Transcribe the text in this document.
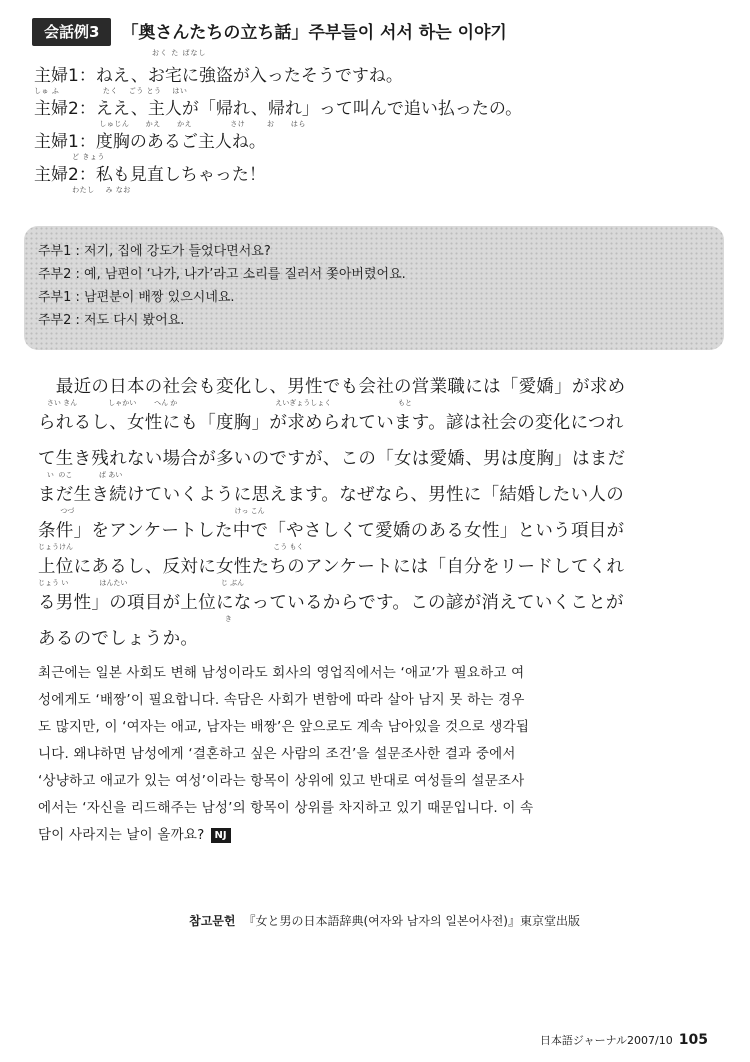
会話例3	「奥さんたちの立ち話」주부들이 서서 하는 이야기
おく た ばなし
主婦1：ねえ、お宅に強盗が入ったそうですね。
しゅ ふ                たく    ごう とう    はい
主婦2：ええ、主人が「帰れ、帰れ」って叫んで追い払ったの。
しゅじん      かえ      かえ              さけ        お      はら
主婦1：度胸のあるご主人ね。
ど きょう
主婦2：私も見直しちゃった！
わたし    み なお
주부1 : 저기, 집에 강도가 들었다면서요?
주부2 : 예, 남편이 ‘나가, 나가’라고 소리를 질러서 쫓아버렸어요.
주부1 : 남편분이 배짱 있으시네요.
주부2 : 저도 다시 봤어요.
　最近の日本の社会も変化し、男性でも会社の営業職には「愛嬌」が求め
さい きん              しゃかい        へん か                                            えいぎょうしょく                              もと
られるし、女性にも「度胸」が求められています。諺は社会の変化につれ
て生き残れない場合が多いのですが、この「女は愛嬌、男は度胸」はまだ
い  のこ            ば あい
まだ生き続けていくように思えます。なぜなら、男性に「結婚したい人の
つづ                                                                        けっ こん
条件」をアンケートした中で「やさしくて愛嬌のある女性」という項目が
じょうけん                                                                                          こう もく
上位にあるし、反対に女性たちのアンケートには「自分をリードしてくれ
じょう い              はんたい                                          じ ぶん
る男性」の項目が上位になっているからです。この諺が消えていくことが
き
あるのでしょうか。
최근에는 일본 사회도 변해 남성이라도 회사의 영업직에서는 ‘애교’가 필요하고 여
성에게도 ‘배짱’이 필요합니다. 속담은 사회가 변함에 따라 살아 남지 못 하는 경우
도 많지만, 이 ‘여자는 애교, 남자는 배짱’은 앞으로도 계속 남아있을 것으로 생각됩
니다. 왜냐하면 남성에게 ‘결혼하고 싶은 사람의 조건’을 설문조사한 결과 중에서
‘상냥하고 애교가 있는 여성’이라는 항목이 상위에 있고 반대로 여성들의 설문조사
에서는 ‘자신을 리드해주는 남성’의 항목이 상위를 차지하고 있기 때문입니다. 이 속
담이 사라지는 날이 올까요? NJ
참고문헌 『女と男の日本語辞典(여자와 남자의 일본어사전)』東京堂出版
日本語ジャーナル2007/10 105
